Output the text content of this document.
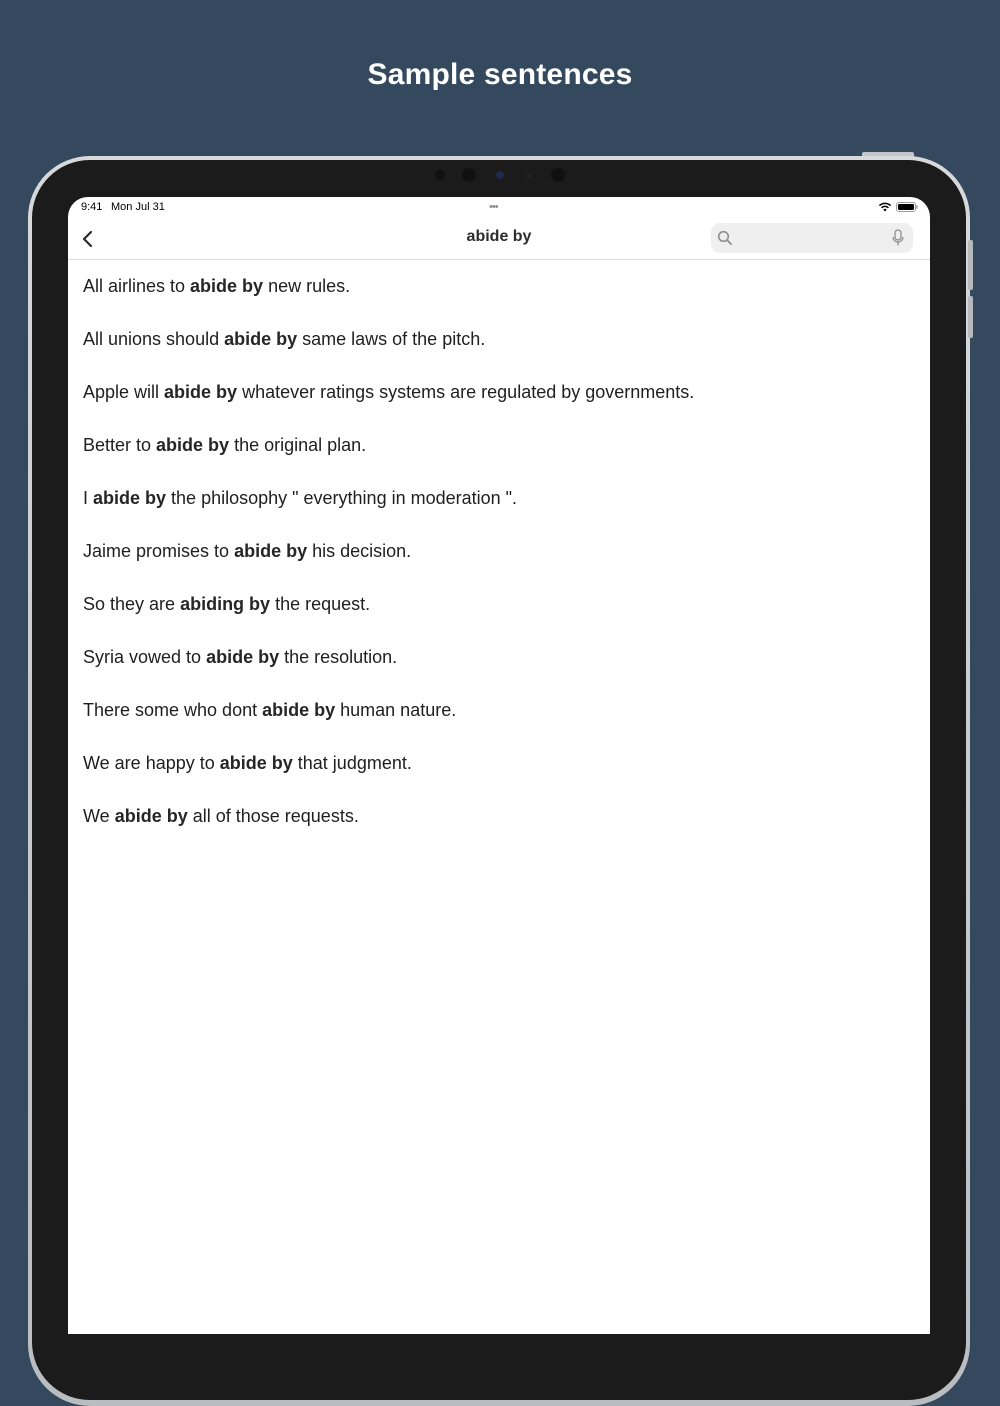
Sample sentences
9:41 Mon Jul 31	•••
abide by
All airlines to abide by new rules.
All unions should abide by same laws of the pitch.
Apple will abide by whatever ratings systems are regulated by governments.
Better to abide by the original plan.
I abide by the philosophy " everything in moderation ".
Jaime promises to abide by his decision.
So they are abiding by the request.
Syria vowed to abide by the resolution.
There some who dont abide by human nature.
We are happy to abide by that judgment.
We abide by all of those requests.
